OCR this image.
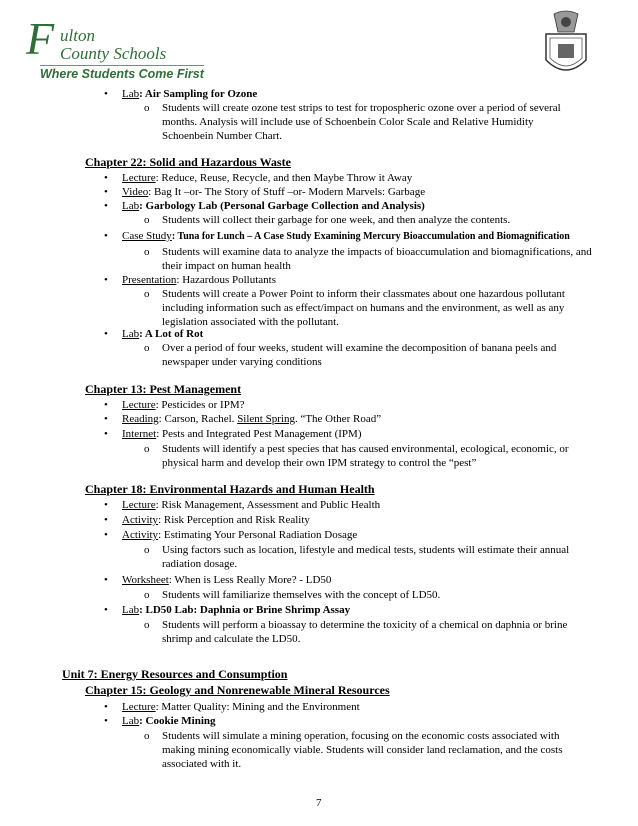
F ulton
County Schools
Where Students Come First
• Lab: Air Sampling for Ozone
o Students will create ozone test strips to test for tropospheric ozone over a period of several months. Analysis will include use of Schoenbein Color Scale and Relative Humidity Schoenbein Number Chart.
Chapter 22: Solid and Hazardous Waste
• Lecture: Reduce, Reuse, Recycle, and then Maybe Throw it Away
• Video: Bag It –or- The Story of Stuff –or- Modern Marvels: Garbage
• Lab: Garbology Lab (Personal Garbage Collection and Analysis)
o Students will collect their garbage for one week, and then analyze the contents.
• Case Study: Tuna for Lunch – A Case Study Examining Mercury Bioaccumulation and Biomagnification
o Students will examine data to analyze the impacts of bioaccumulation and biomagnifications, and their impact on human health
• Presentation: Hazardous Pollutants
o Students will create a Power Point to inform their classmates about one hazardous pollutant including information such as effect/impact on humans and the environment, as well as any legislation associated with the pollutant.
• Lab: A Lot of Rot
o Over a period of four weeks, student will examine the decomposition of banana peels and newspaper under varying conditions
Chapter 13: Pest Management
• Lecture: Pesticides or IPM?
• Reading: Carson, Rachel. Silent Spring. “The Other Road”
• Internet: Pests and Integrated Pest Management (IPM)
o Students will identify a pest species that has caused environmental, ecological, economic, or physical harm and develop their own IPM strategy to control the “pest”
Chapter 18: Environmental Hazards and Human Health
• Lecture: Risk Management, Assessment and Public Health
• Activity: Risk Perception and Risk Reality
• Activity: Estimating Your Personal Radiation Dosage
o Using factors such as location, lifestyle and medical tests, students will estimate their annual radiation dosage.
• Worksheet: When is Less Really More? - LD50
o Students will familiarize themselves with the concept of LD50.
• Lab: LD50 Lab: Daphnia or Brine Shrimp Assay
o Students will perform a bioassay to determine the toxicity of a chemical on daphnia or brine shrimp and calculate the LD50.
Unit 7: Energy Resources and Consumption
Chapter 15: Geology and Nonrenewable Mineral Resources
• Lecture: Matter Quality: Mining and the Environment
• Lab: Cookie Mining
o Students will simulate a mining operation, focusing on the economic costs associated with making mining economically viable. Students will consider land reclamation, and the costs associated with it.
7
